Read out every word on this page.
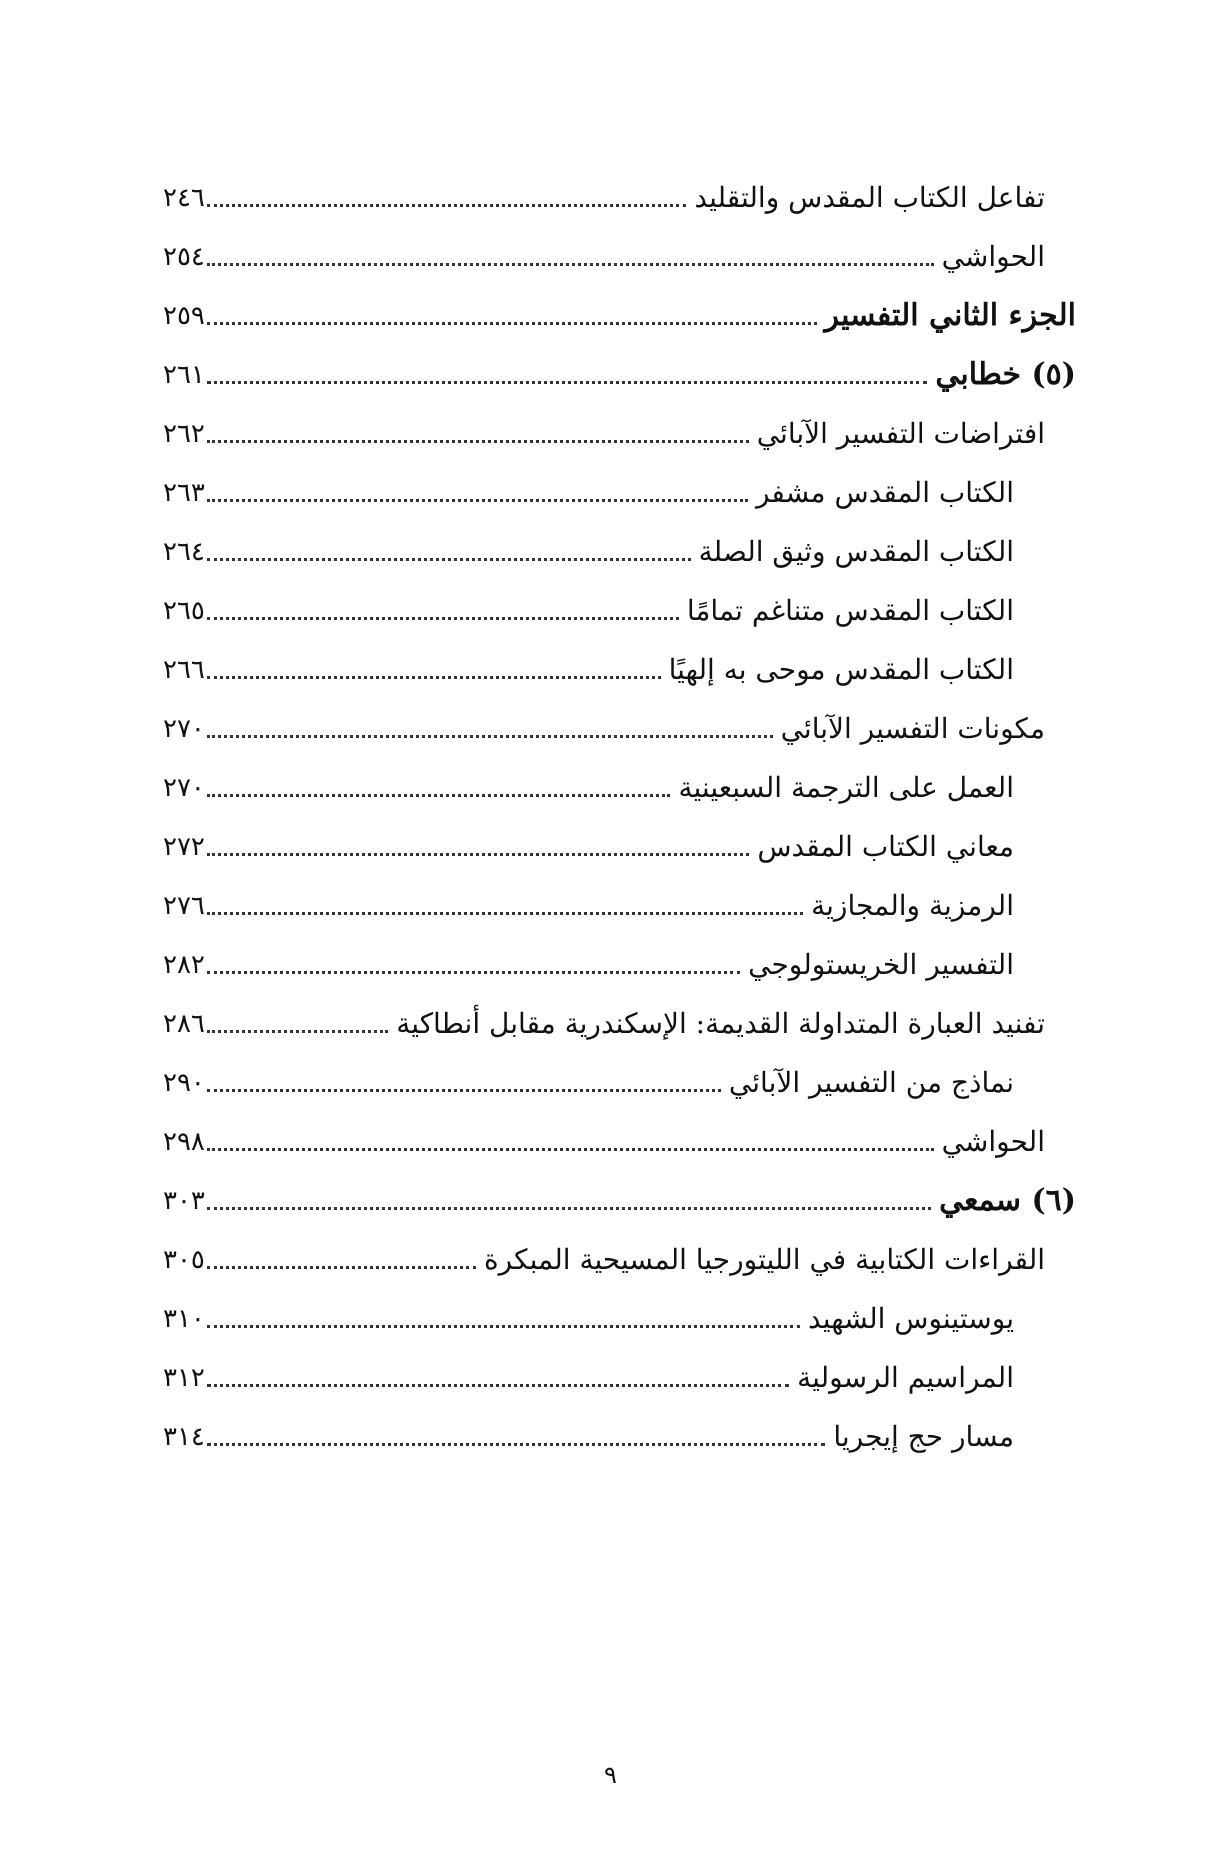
تفاعل الكتاب المقدس والتقليد
٢٤٦
الحواشي
٢٥٤
الجزء الثاني التفسير
٢٥٩
(٥) خطابي
٢٦١
افتراضات التفسير الآبائي
٢٦٢
الكتاب المقدس مشفر
٢٦٣
الكتاب المقدس وثيق الصلة
٢٦٤
الكتاب المقدس متناغم تمامًا
٢٦٥
الكتاب المقدس موحى به إلهيًا
٢٦٦
مكونات التفسير الآبائي
٢٧٠
العمل على الترجمة السبعينية
٢٧٠
معاني الكتاب المقدس
٢٧٢
الرمزية والمجازية
٢٧٦
التفسير الخريستولوجي
٢٨٢
تفنيد العبارة المتداولة القديمة: الإسكندرية مقابل أنطاكية
٢٨٦
نماذج من التفسير الآبائي
٢٩٠
الحواشي
٢٩٨
(٦) سمعي
٣٠٣
القراءات الكتابية في الليتورجيا المسيحية المبكرة
٣٠٥
يوستينوس الشهيد
٣١٠
المراسيم الرسولية
٣١٢
مسار حج إيجريا
٣١٤
٩
